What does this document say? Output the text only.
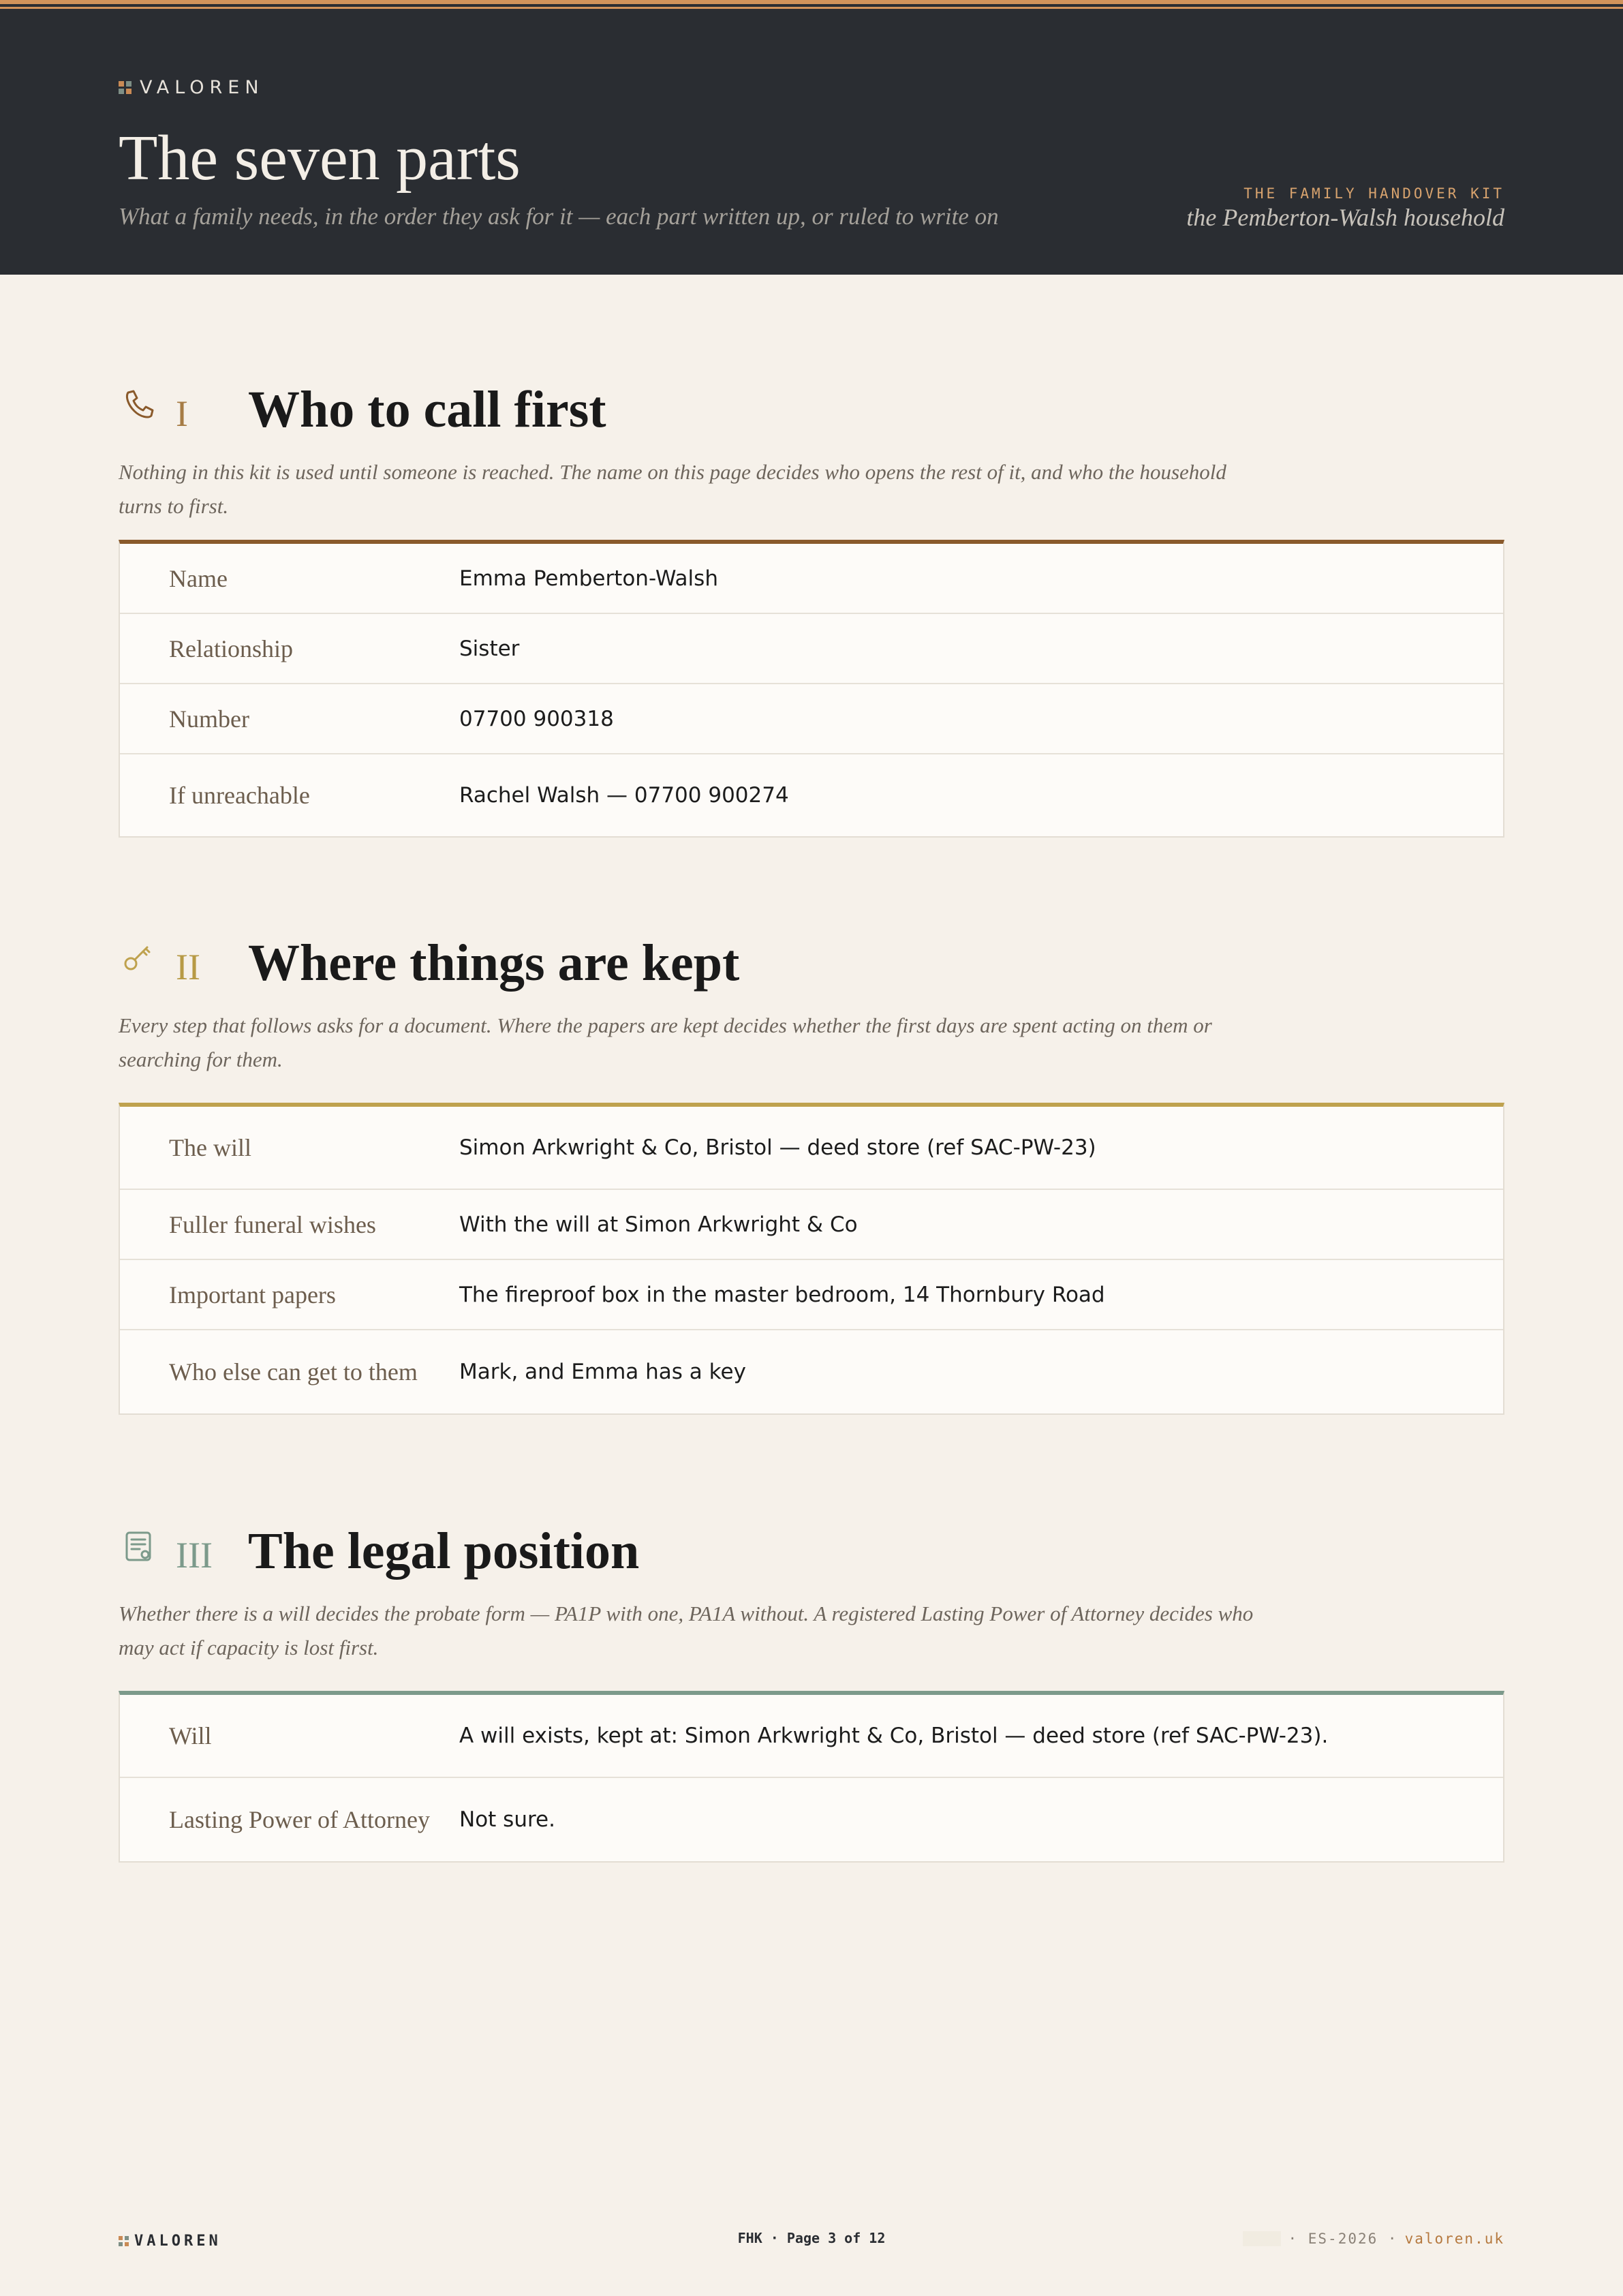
VALOREN
The seven parts
What a family needs, in the order they ask for it — each part written up, or ruled to write on
THE FAMILY HANDOVER KIT
the Pemberton-Walsh household
I Who to call first

Nothing in this kit is used until someone is reached. The name on this page decides who opens the rest of it, and who the household turns to first.

Name	Emma Pemberton-Walsh
Relationship	Sister
Number	07700 900318
If unreachable	Rachel Walsh — 07700 900274
II Where things are kept

Every step that follows asks for a document. Where the papers are kept decides whether the first days are spent acting on them or searching for them.

The will	Simon Arkwright & Co, Bristol — deed store (ref SAC-PW-23)
Fuller funeral wishes	With the will at Simon Arkwright & Co
Important papers	The fireproof box in the master bedroom, 14 Thornbury Road
Who else can get to them	Mark, and Emma has a key
III The legal position

Whether there is a will decides the probate form — PA1P with one, PA1A without. A registered Lasting Power of Attorney decides who may act if capacity is lost first.

Will	A will exists, kept at: Simon Arkwright & Co, Bristol — deed store (ref SAC-PW-23).
Lasting Power of Attorney	Not sure.
VALOREN	FHK · Page 3 of 12	· ES-2026 · valoren.uk
